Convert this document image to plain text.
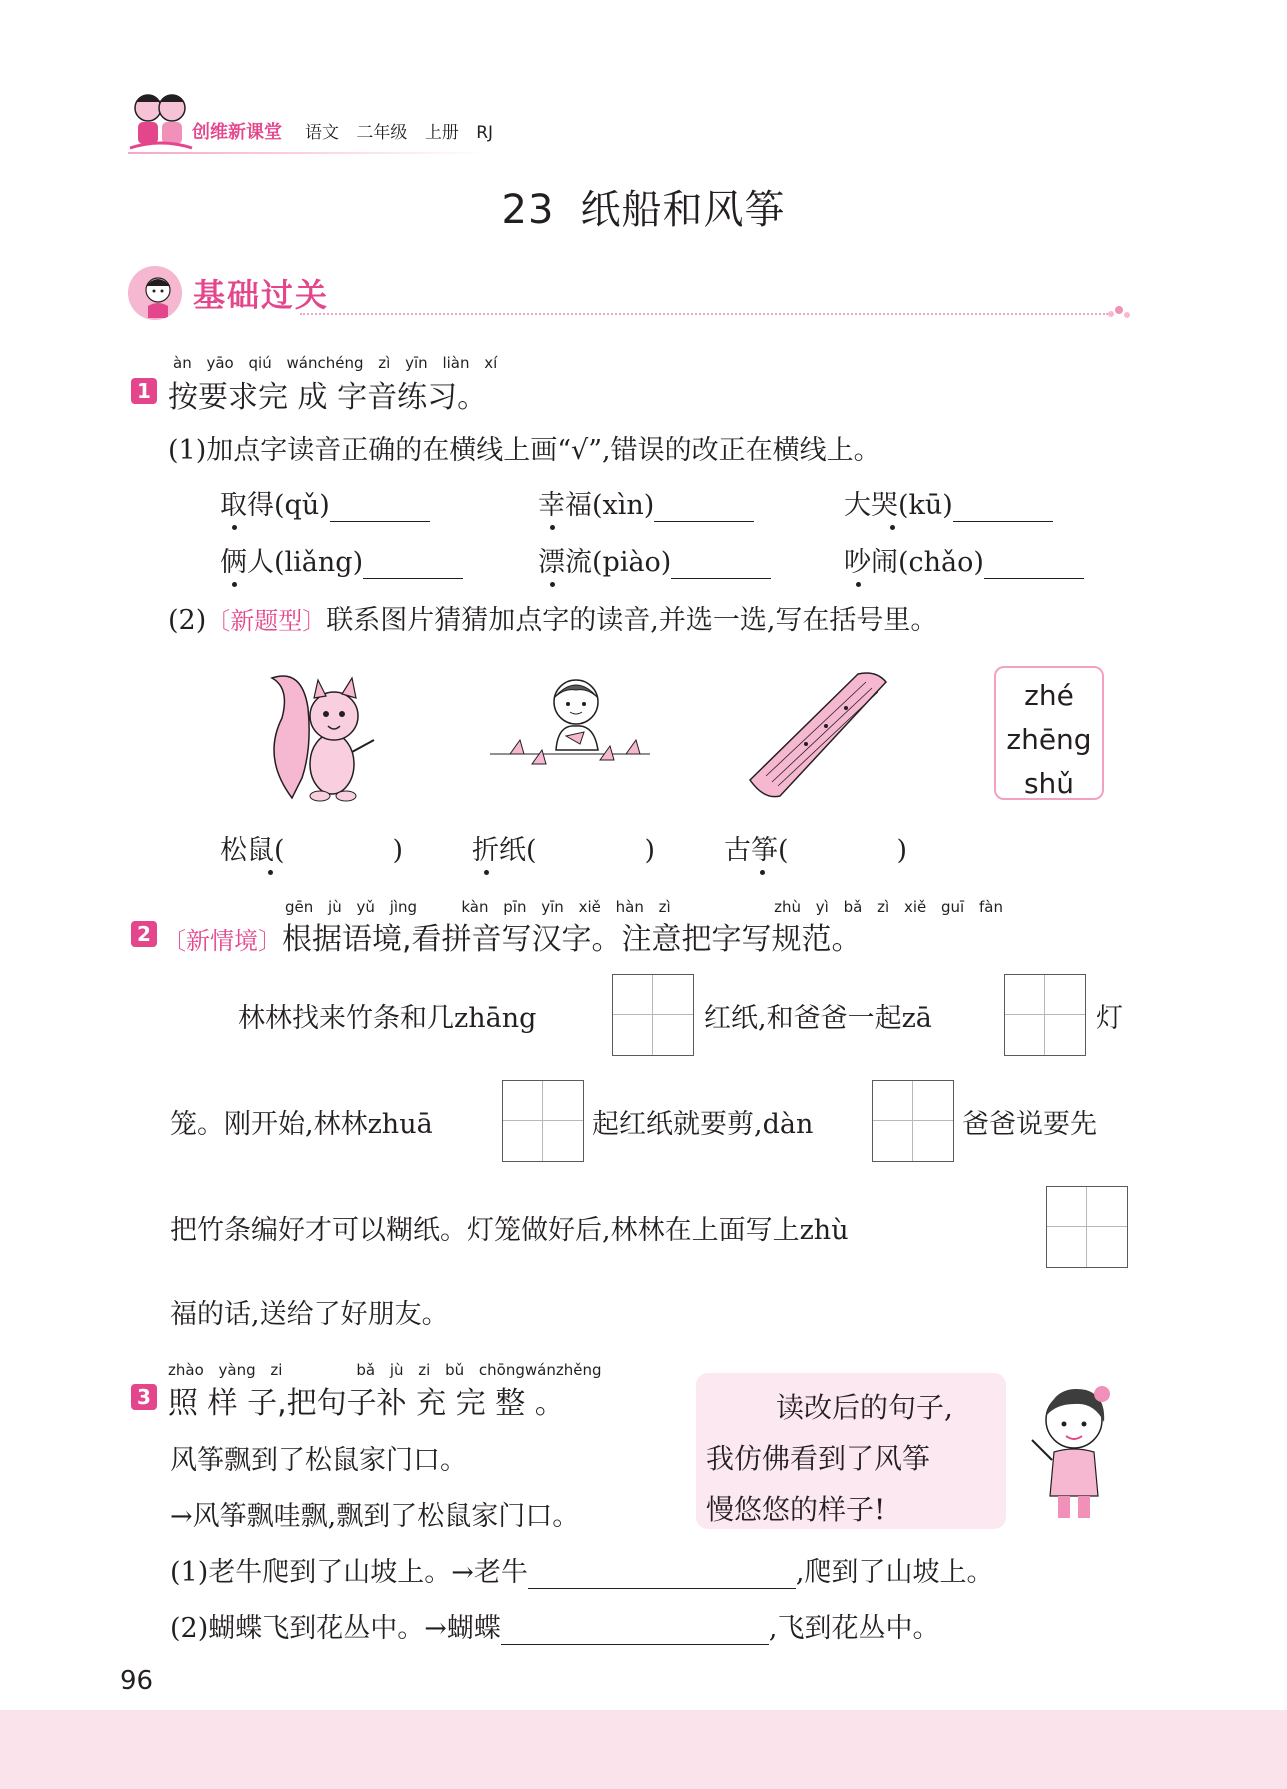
创维新课堂 语文 二年级 上册 RJ
23 纸船和风筝
基础过关
àn yāo qiú wánchéng zì yīn liàn xí
1 按要求完 成 字音练习。
(1)加点字读音正确的在横线上画“√”,错误的改正在横线上。
取得(qǔ)	幸福(xìn)	大哭(kū)
俩人(liǎng)	漂流(piào)	吵闹(chǎo)
(2)〔新题型〕联系图片猜猜加点字的读音,并选一选,写在括号里。
zhé
zhēng
shǔ
松鼠(	)	折纸(	)	古筝(	)
gēn jù yǔ jìng	kàn pīn yīn xiě hàn zì	zhù yì bǎ zì xiě guī fàn
2 〔新情境〕根据语境,看拼音写汉字。注意把字写规范。
林林找来竹条和几zhāng	红纸,和爸爸一起zā	灯
笼。刚开始,林林zhuā	起红纸就要剪,dàn	爸爸说要先
把竹条编好才可以糊纸。灯笼做好后,林林在上面写上zhù
福的话,送给了好朋友。
zhào yàng zi	bǎ jù zi bǔ chōngwánzhěng
3 照 样 子,把句子补 充 完 整 。
风筝飘到了松鼠家门口。
→风筝飘哇飘,飘到了松鼠家门口。
读改后的句子,
我仿佛看到了风筝
慢悠悠的样子!
(1)老牛爬到了山坡上。→老牛	,爬到了山坡上。
(2)蝴蝶飞到花丛中。→蝴蝶	,飞到花丛中。
96
